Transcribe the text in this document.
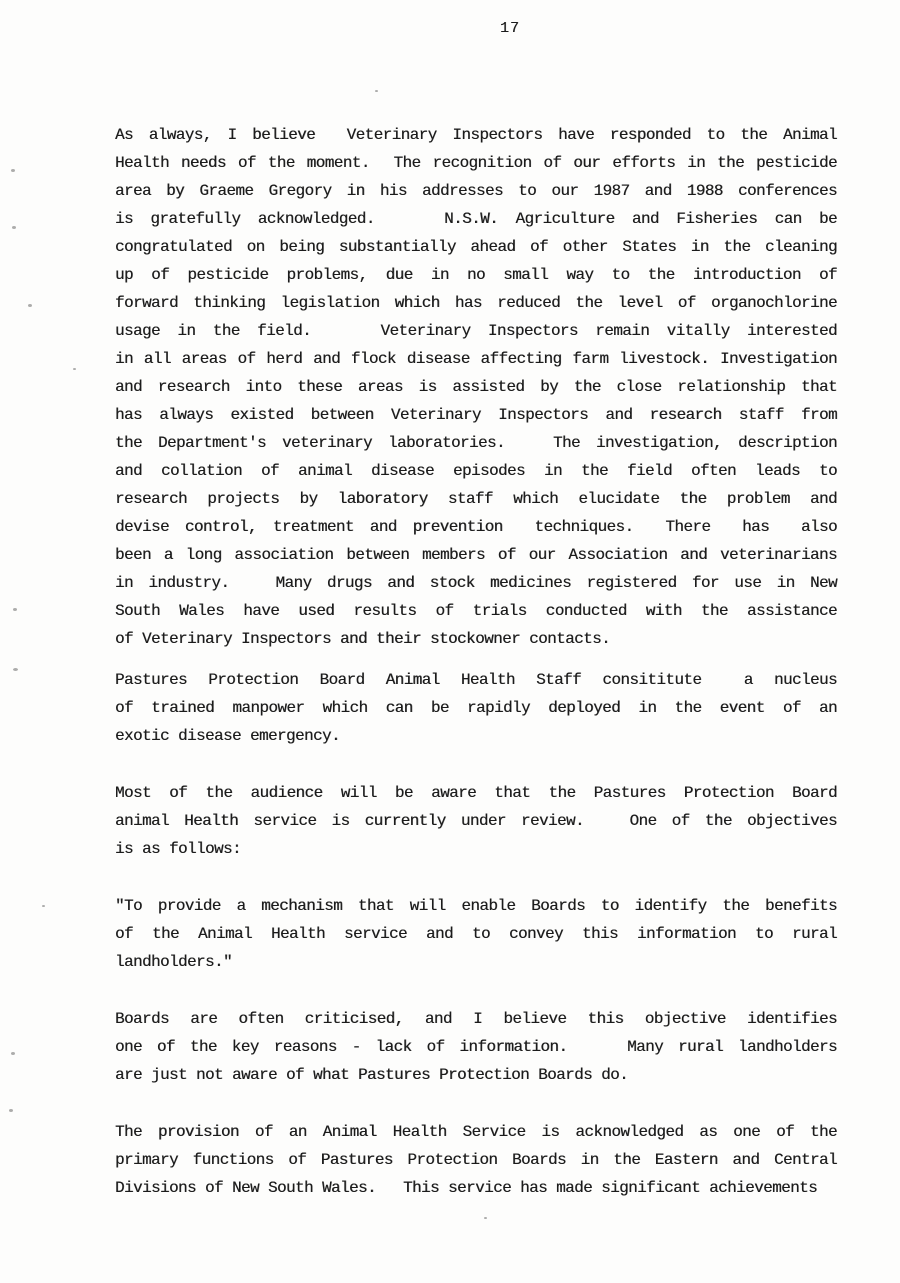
17
As always, I believe  Veterinary Inspectors have responded to the Animal
Health needs of the moment.  The recognition of our efforts in the pesticide
area by Graeme Gregory in his addresses to our 1987 and 1988 conferences
is gratefully acknowledged.    N.S.W. Agriculture and Fisheries can be
congratulated on being substantially ahead of other States in the cleaning
up of pesticide problems, due in no small way to the introduction of
forward thinking legislation which has reduced the level of organochlorine
usage in the field.    Veterinary Inspectors remain vitally interested
in all areas of herd and flock disease affecting farm livestock. Investigation
and research into these areas is assisted by the close relationship that
has always existed between Veterinary Inspectors and research staff from
the Department's veterinary laboratories.   The investigation, description
and collation of animal disease episodes in the field often leads to
research projects by laboratory staff which elucidate the problem and
devise control, treatment and prevention  techniques.  There  has  also
been a long association between members of our Association and veterinarians
in industry.   Many drugs and stock medicines registered for use in New
South Wales have used results of trials conducted with the assistance
of Veterinary Inspectors and their stockowner contacts.
Pastures Protection Board Animal Health Staff consititute  a nucleus
of trained manpower which can be rapidly deployed in the event of an
exotic disease emergency.
Most of the audience will be aware that the Pastures Protection Board
animal Health service is currently under review.   One of the objectives
is as follows:
"To provide a mechanism that will enable Boards to identify the benefits
of the Animal Health service and to convey this information to rural
landholders."
Boards are often criticised, and I believe this objective identifies
one of the key reasons - lack of information.    Many rural landholders
are just not aware of what Pastures Protection Boards do.
The provision of an Animal Health Service is acknowledged as one of the
primary functions of Pastures Protection Boards in the Eastern and Central
Divisions of New South Wales.   This service has made significant achievements
